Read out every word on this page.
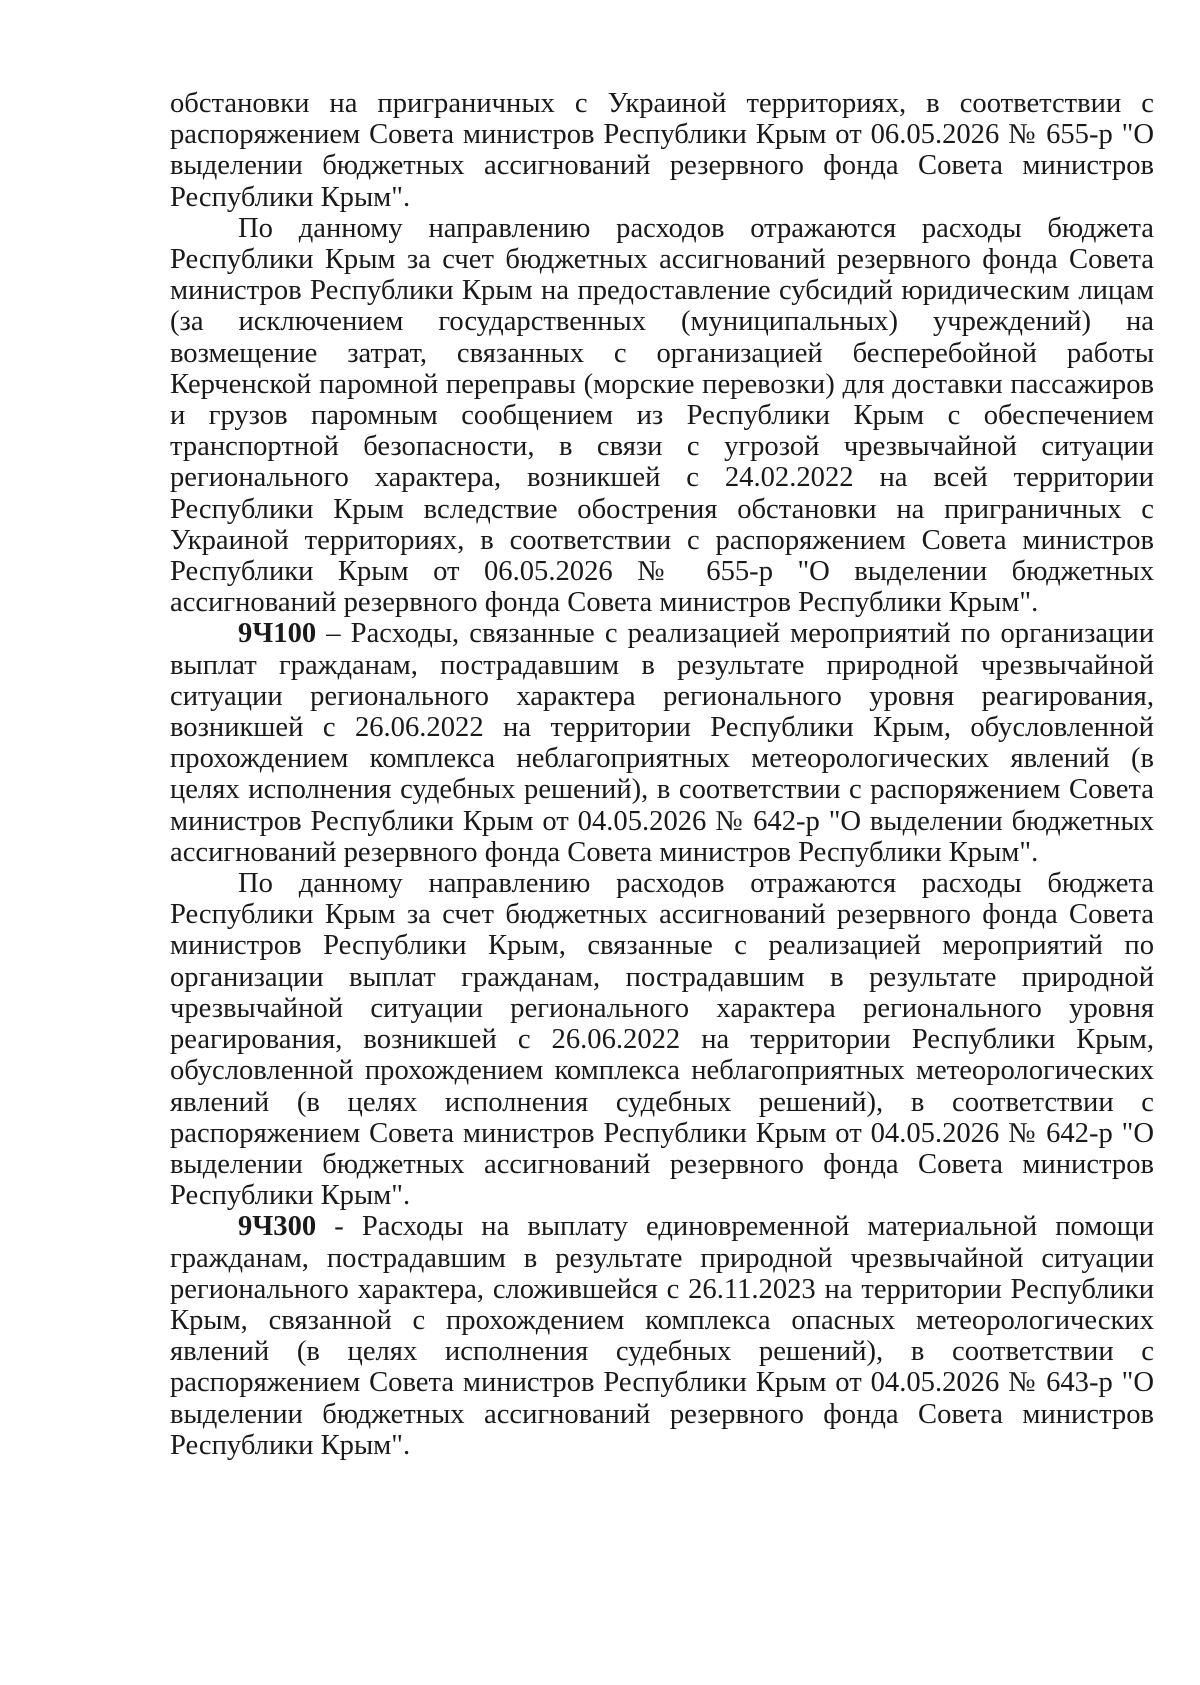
обстановки на приграничных с Украиной территориях, в соответствии с распоряжением Совета министров Республики Крым от 06.05.2026 № 655-р "О выделении бюджетных ассигнований резервного фонда Совета министров Республики Крым".

По данному направлению расходов отражаются расходы бюджета Республики Крым за счет бюджетных ассигнований резервного фонда Совета министров Республики Крым на предоставление субсидий юридическим лицам (за исключением государственных (муниципальных) учреждений) на возмещение затрат, связанных с организацией бесперебойной работы Керченской паромной переправы (морские перевозки) для доставки пассажиров и грузов паромным сообщением из Республики Крым с обеспечением транспортной безопасности, в связи с угрозой чрезвычайной ситуации регионального характера, возникшей с 24.02.2022 на всей территории Республики Крым вследствие обострения обстановки на приграничных с Украиной территориях, в соответствии с распоряжением Совета министров Республики Крым от 06.05.2026 № 655-р "О выделении бюджетных ассигнований резервного фонда Совета министров Республики Крым".

9Ч100 – Расходы, связанные с реализацией мероприятий по организации выплат гражданам, пострадавшим в результате природной чрезвычайной ситуации регионального характера регионального уровня реагирования, возникшей с 26.06.2022 на территории Республики Крым, обусловленной прохождением комплекса неблагоприятных метеорологических явлений (в целях исполнения судебных решений), в соответствии с распоряжением Совета министров Республики Крым от 04.05.2026 № 642-р "О выделении бюджетных ассигнований резервного фонда Совета министров Республики Крым".

По данному направлению расходов отражаются расходы бюджета Республики Крым за счет бюджетных ассигнований резервного фонда Совета министров Республики Крым, связанные с реализацией мероприятий по организации выплат гражданам, пострадавшим в результате природной чрезвычайной ситуации регионального характера регионального уровня реагирования, возникшей с 26.06.2022 на территории Республики Крым, обусловленной прохождением комплекса неблагоприятных метеорологических явлений (в целях исполнения судебных решений), в соответствии с распоряжением Совета министров Республики Крым от 04.05.2026 № 642-р "О выделении бюджетных ассигнований резервного фонда Совета министров Республики Крым".

9Ч300 - Расходы на выплату единовременной материальной помощи гражданам, пострадавшим в результате природной чрезвычайной ситуации регионального характера, сложившейся с 26.11.2023 на территории Республики Крым, связанной с прохождением комплекса опасных метеорологических явлений (в целях исполнения судебных решений), в соответствии с распоряжением Совета министров Республики Крым от 04.05.2026 № 643-р "О выделении бюджетных ассигнований резервного фонда Совета министров Республики Крым".
